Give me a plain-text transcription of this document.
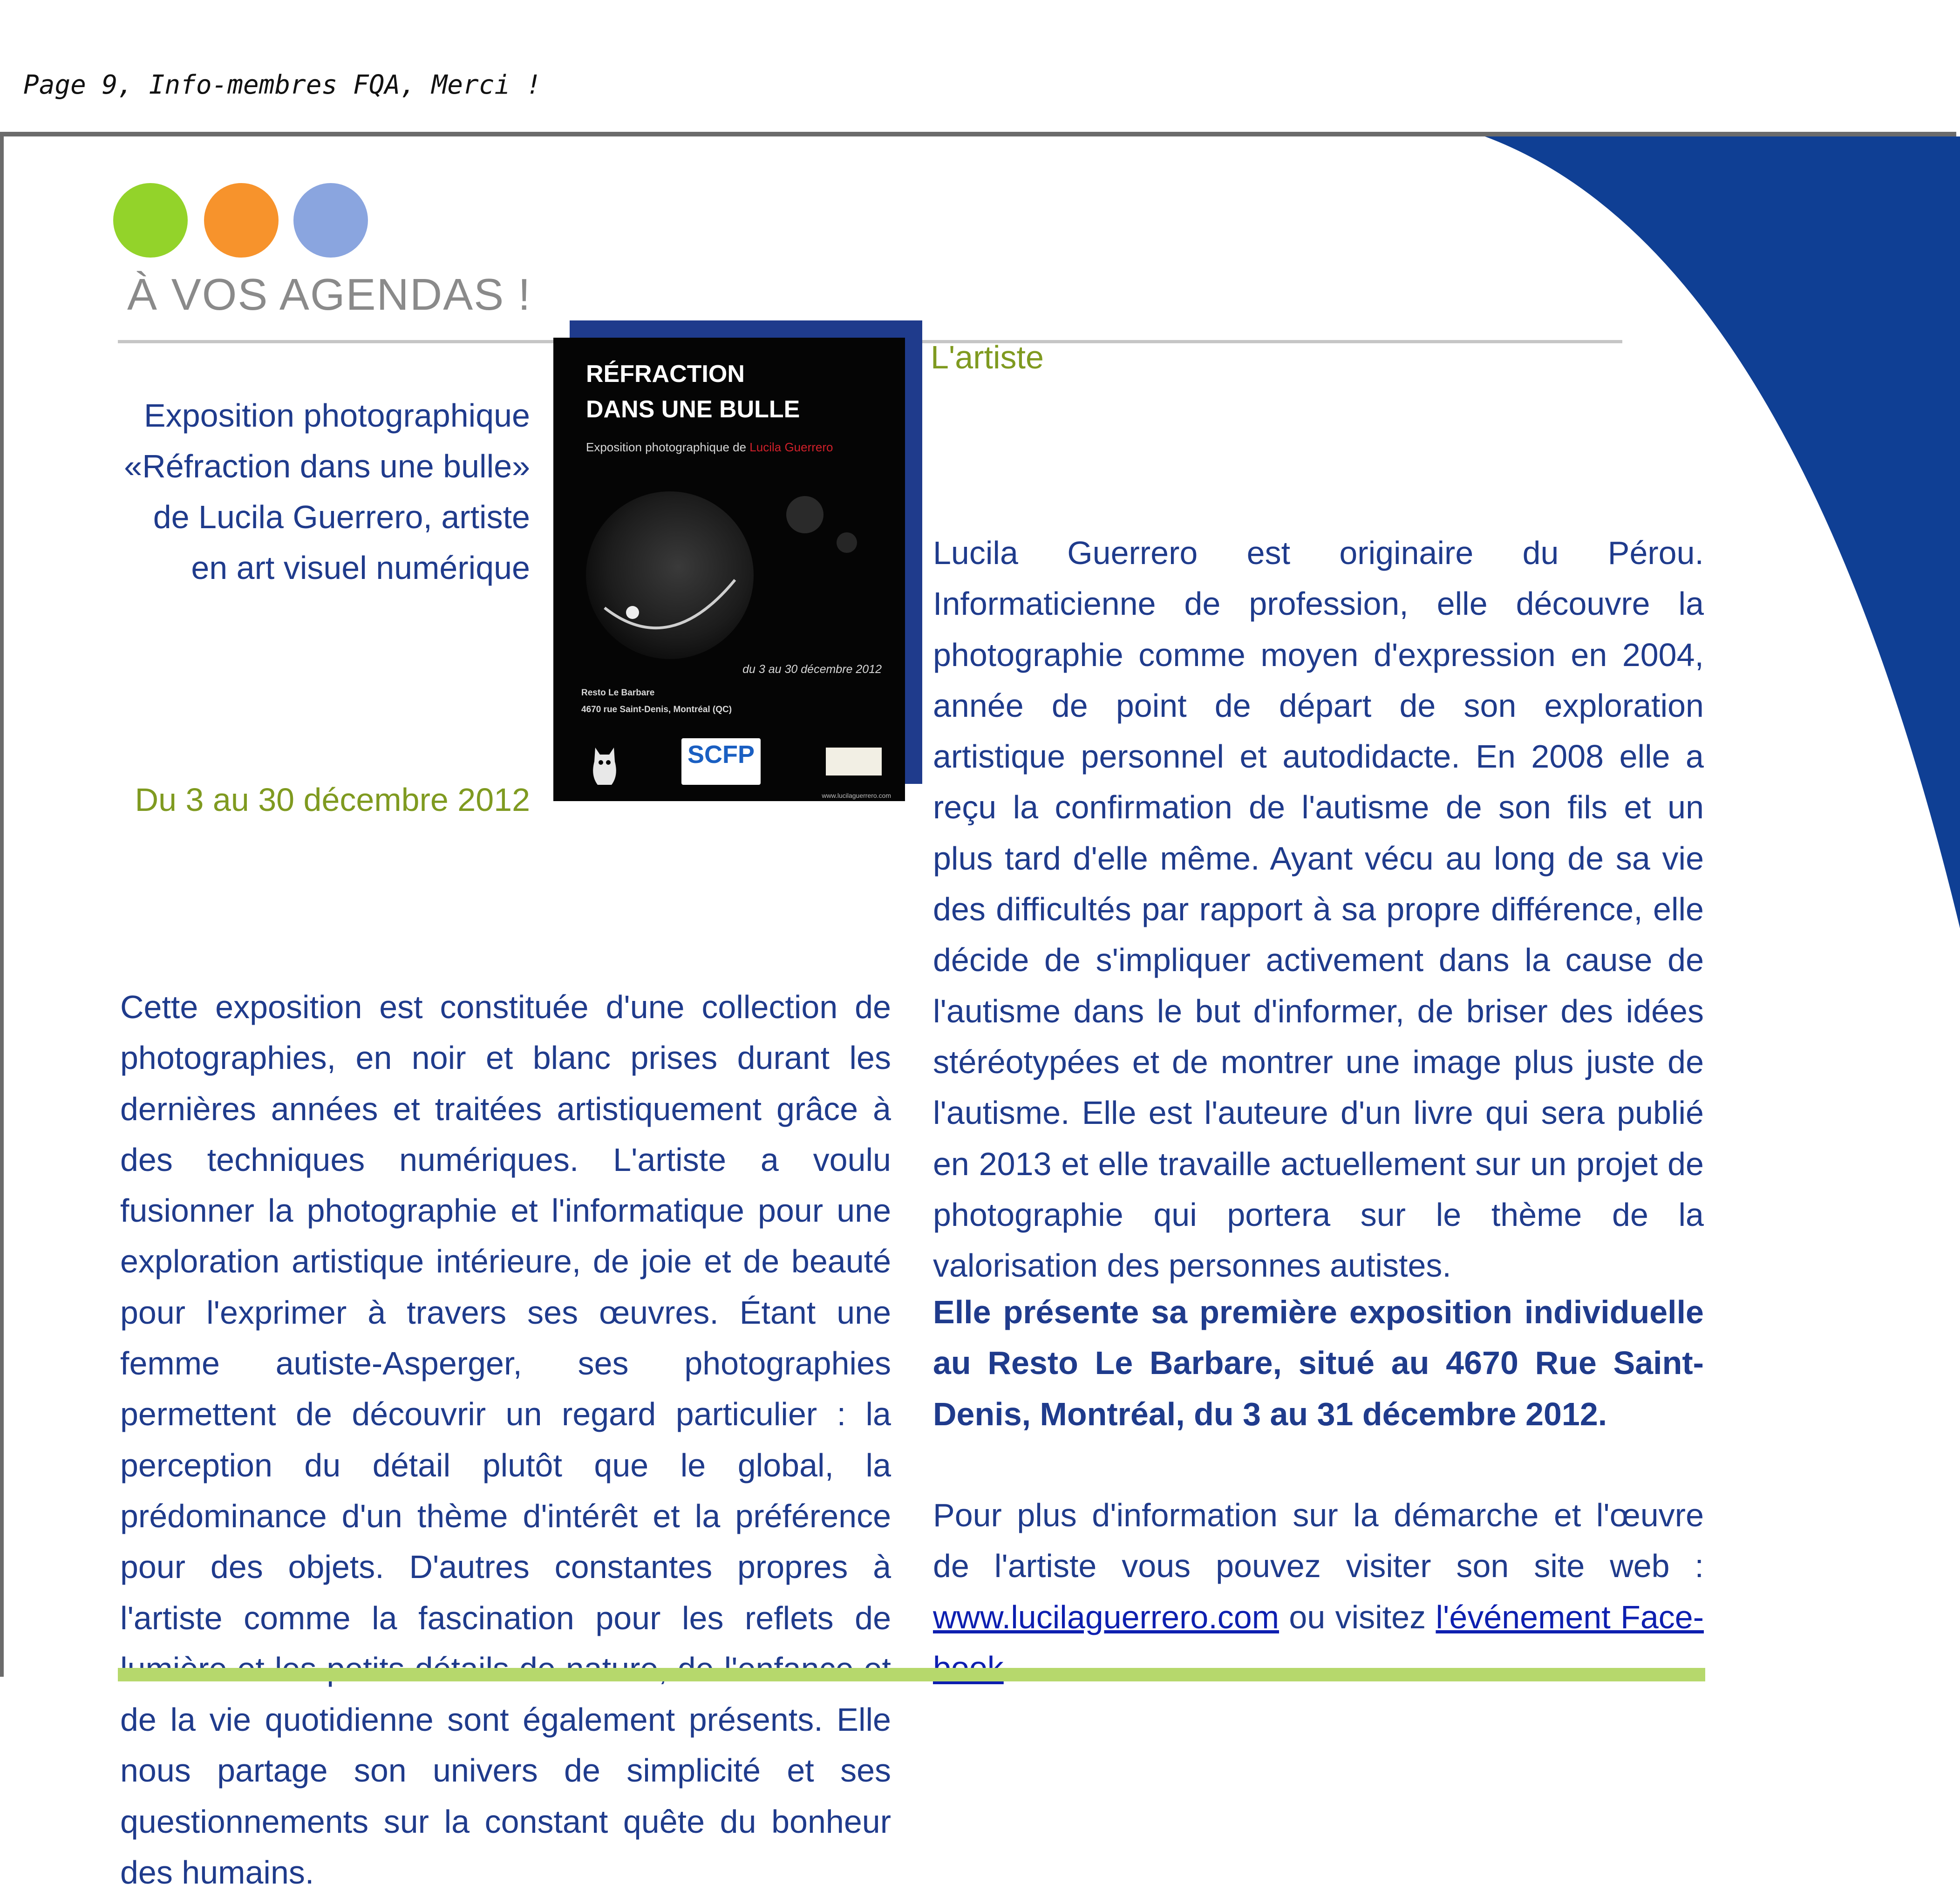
Page 9, Info-membres FQA, Merci !
À VOS AGENDAS !
Exposition photographique
«Réfraction dans une bulle»
de Lucila Guerrero, artiste
en art visuel numérique
Du 3 au 30 décembre 2012
RÉFRACTION
DANS UNE BULLE
Exposition photographique de Lucila Guerrero
du 3 au 30 décembre 2012
Resto Le Barbare
4670 rue Saint-Denis, Montréal (QC)
SCFP
www.lucilaguerrero.com

Cette exposition est constituée d'une collection de photographies, en noir et blanc prises durant les dernières années et traitées artistiquement grâce à des techniques numériques. L'artiste a voulu fusionner la photographie et l'informatique pour une exploration artistique intérieure, de joie et de beauté pour l'exprimer à travers ses œuvres. Étant une femme autiste-Asperger, ses photographies permettent de découvrir un regard particulier : la perception du détail plutôt que le global, la prédominance d'un thème d'intérêt et la préférence pour des objets. D'autres constantes propres à l'artiste comme la fascination pour les reflets de de la vie quotidienne sont également présents. Elle nous partage son univers de simplicité et ses questionnements sur la constant quête du bonheur des humains.

L'artiste

Lucila Guerrero est originaire du Pérou. Informaticienne de profession, elle découvre la photographie comme moyen d'expression en 2004, année de point de départ de son exploration artistique personnel et autodidacte. En 2008 elle a reçu la confirmation de l'autisme de son fils et un plus tard d'elle même. Ayant vécu au long de sa vie des difficultés par rapport à sa propre différence, elle décide de s'impliquer activement dans la cause de l'autisme dans le but d'informer, de briser des idées stéréotypées et de montrer une image plus juste de l'autisme. Elle est l'auteure d'un livre qui sera publié en 2013 et elle travaille actuellement sur un projet de photographie qui portera sur le thème de la valorisation des personnes autistes.

Elle présente sa première exposition individuelle au Resto Le Barbare, situé au 4670 Rue Saint-Denis, Montréal, du 3 au 31 décembre 2012.

Pour plus d'information sur la démarche et l'œuvre de l'artiste vous pouvez visiter son site web : www.lucilaguerrero.com ou visitez l'événement Face-
